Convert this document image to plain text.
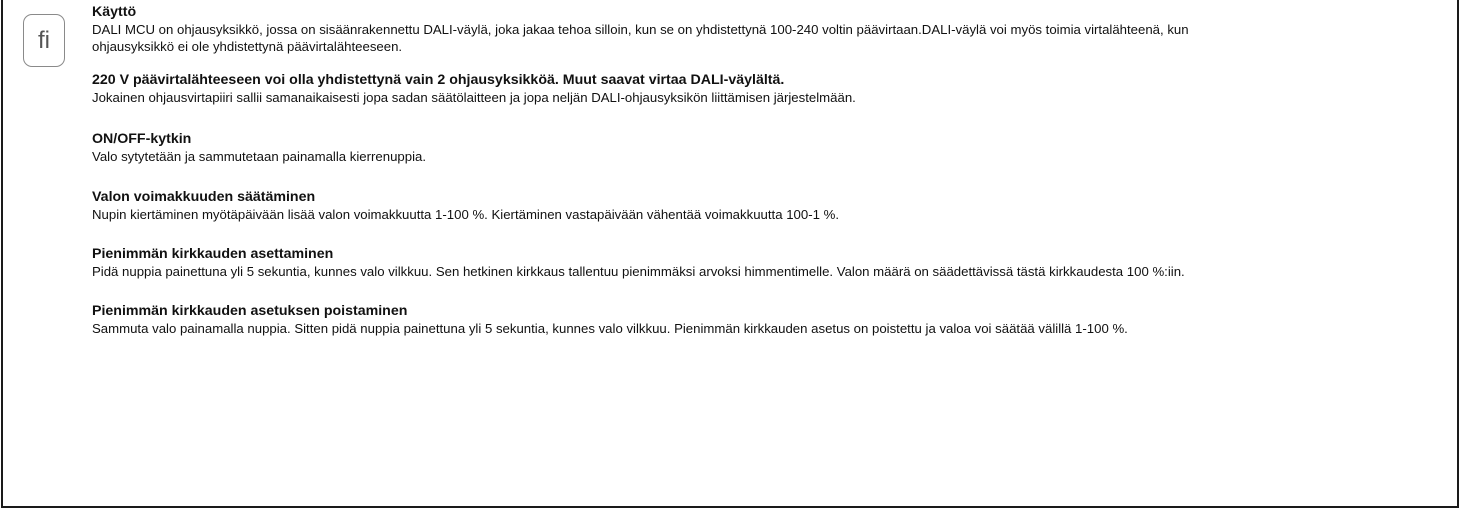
fi

Käyttö

DALI MCU on ohjausyksikkö, jossa on sisäänrakennettu DALI-väylä, joka jakaa tehoa silloin, kun se on yhdistettynä 100-240 voltin päävirtaan.DALI-väylä voi myös toimia virtalähteenä, kun ohjausyksikkö ei ole yhdistettynä päävirtalähteeseen.

220 V päävirtalähteeseen voi olla yhdistettynä vain 2 ohjausyksikköä. Muut saavat virtaa DALI-väylältä.

Jokainen ohjausvirtapiiri sallii samanaikaisesti jopa sadan säätölaitteen ja jopa neljän DALI-ohjausyksikön liittämisen järjestelmään.

ON/OFF-kytkin

Valo sytytetään ja sammutetaan painamalla kierrenuppia.

Valon voimakkuuden säätäminen

Nupin kiertäminen myötäpäivään lisää valon voimakkuutta 1-100 %. Kiertäminen vastapäivään vähentää voimakkuutta 100-1 %.

Pienimmän kirkkauden asettaminen

Pidä nuppia painettuna yli 5 sekuntia, kunnes valo vilkkuu. Sen hetkinen kirkkaus tallentuu pienimmäksi arvoksi himmentimelle. Valon määrä on säädettävissä tästä kirkkaudesta 100 %:iin.

Pienimmän kirkkauden asetuksen poistaminen

Sammuta valo painamalla nuppia. Sitten pidä nuppia painettuna yli 5 sekuntia, kunnes valo vilkkuu. Pienimmän kirkkauden asetus on poistettu ja valoa voi säätää välillä 1-100 %.
